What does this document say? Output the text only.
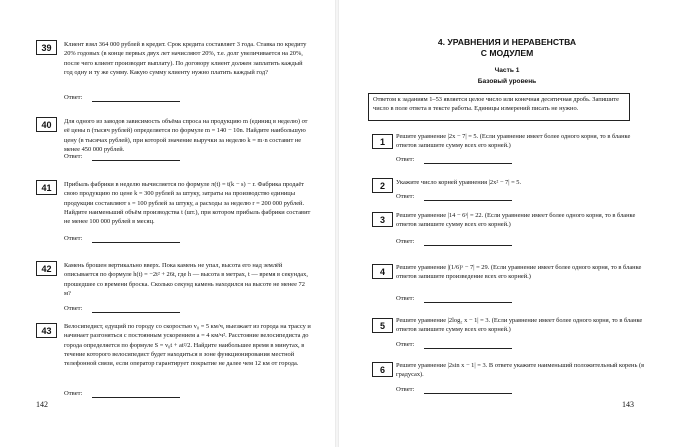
39	Клиент взял 364 000 рублей в кредит. Срок кредита составляет 3 года. Ставка по кредиту 20% годовых (в конце первых двух лет начисляют 20%, т.е. долг увеличивается на 20%, после чего клиент производит выплату). По договору клиент должен заплатить каждый год одну и ту же сумму. Какую сумму клиенту нужно платить каждый год?
Ответ:
40	Для одного из заводов зависимость объёма спроса на продукцию m (единиц в неделю) от её цены n (тысяч рублей) определяется по формуле m = 140 − 10n. Найдите наибольшую цену (в тысячах рублей), при которой значение выручки за неделю k = m·n составит не менее 450 000 рублей.
Ответ:
41	Прибыль фабрики в неделю вычисляется по формуле π(t) = t(k − s) − r. Фабрика продаёт свою продукцию по цене k = 300 рублей за штуку, затраты на производство единицы продукции составляют s = 100 рублей за штуку, а расходы за неделю r = 200 000 рублей. Найдите наименьший объём производства t (шт.), при котором прибыль фабрики составит не менее 100 000 рублей в месяц.
Ответ:
42	Камень брошен вертикально вверх. Пока камень не упал, высота его над землёй описывается по формуле h(t) = −2t² + 26t, где h — высота в метрах, t — время в секундах, прошедшее со времени броска. Сколько секунд камень находился на высоте не менее 72 м?
Ответ:
43	Велосипедист, едущий по городу со скоростью v₀ = 5 км/ч, выезжает из города на трассу и начинает разгоняться с постоянным ускорением a = 4 км/ч². Расстояние велосипедиста до города определяется по формуле S = v₀t + at²/2. Найдите наибольшее время в минутах, в течение которого велосипедист будет находиться в зоне функционирования местной телефонной связи, если оператор гарантирует покрытие не далее чем 12 км от города.
Ответ:
142
4. УРАВНЕНИЯ И НЕРАВЕНСТВА
С МОДУЛЕМ
Часть 1
Базовый уровень
Ответом к заданиям 1–53 является целое число или конечная десятичная дробь. Запишите число в поле ответа в тексте работы. Единицы измерений писать не нужно.
1	Решите уравнение |2x − 7| = 5. (Если уравнение имеет более одного корня, то в бланке ответов запишите сумму всех его корней.)
Ответ:
2	Укажите число корней уравнения |2x² − 7| = 5.
Ответ:
3	Решите уравнение |14 − 6ˣ| = 22. (Если уравнение имеет более одного корня, то в бланке ответов запишите сумму всех его корней.)
Ответ:
4	Решите уравнение |(1/6)ˣ − 7| = 29. (Если уравнение имеет более одного корня, то в бланке ответов запишите произведение всех его корней.)
Ответ:
5	Решите уравнение |2log₂ x − 1| = 3. (Если уравнение имеет более одного корня, то в бланке ответов запишите сумму всех его корней.)
Ответ:
6	Решите уравнение |2sin x − 1| = 3. В ответе укажите наименьший положительный корень (в градусах).
Ответ:
143
